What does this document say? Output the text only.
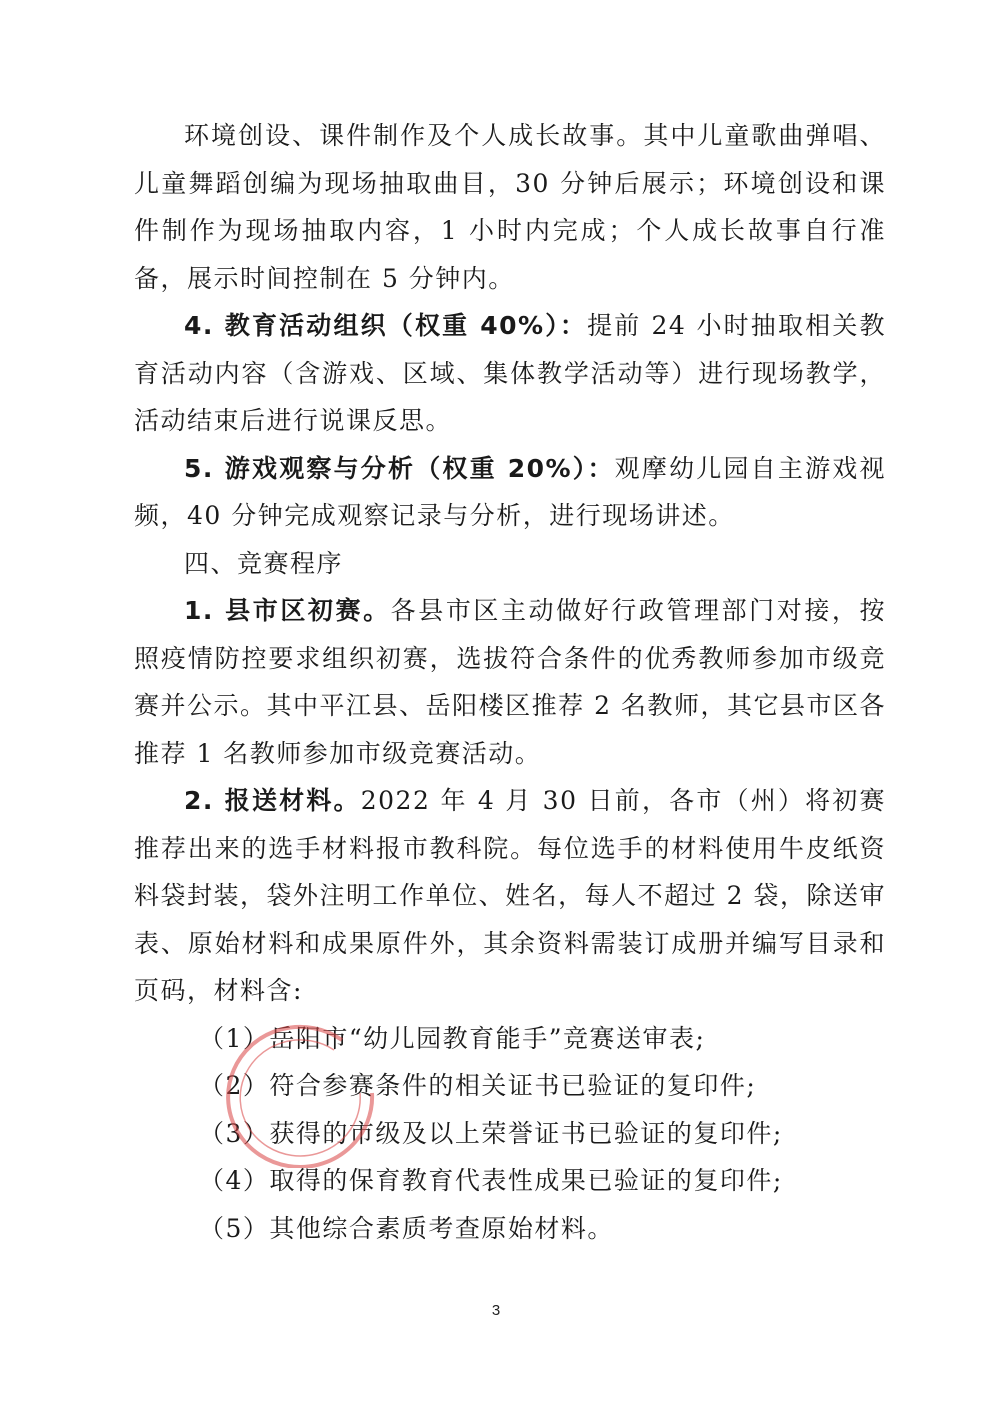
环境创设、课件制作及个人成长故事。其中儿童歌曲弹唱、儿童舞蹈创编为现场抽取曲目，30 分钟后展示；环境创设和课件制作为现场抽取内容，1 小时内完成；个人成长故事自行准备，展示时间控制在 5 分钟内。

4. 教育活动组织（权重 40%）：提前 24 小时抽取相关教育活动内容（含游戏、区域、集体教学活动等）进行现场教学，活动结束后进行说课反思。

5. 游戏观察与分析（权重 20%）：观摩幼儿园自主游戏视频，40 分钟完成观察记录与分析，进行现场讲述。

四、竞赛程序

1. 县市区初赛。各县市区主动做好行政管理部门对接，按照疫情防控要求组织初赛，选拔符合条件的优秀教师参加市级竞赛并公示。其中平江县、岳阳楼区推荐 2 名教师，其它县市区各推荐 1 名教师参加市级竞赛活动。

2. 报送材料。2022 年 4 月 30 日前，各市（州）将初赛推荐出来的选手材料报市教科院。每位选手的材料使用牛皮纸资料袋封装，袋外注明工作单位、姓名，每人不超过 2 袋，除送审表、原始材料和成果原件外，其余资料需装订成册并编写目录和页码，材料含:

（1）岳阳市“幼儿园教育能手”竞赛送审表;
（2）符合参赛条件的相关证书已验证的复印件;
（3）获得的市级及以上荣誉证书已验证的复印件;
（4）取得的保育教育代表性成果已验证的复印件;
（5）其他综合素质考查原始材料。
3
